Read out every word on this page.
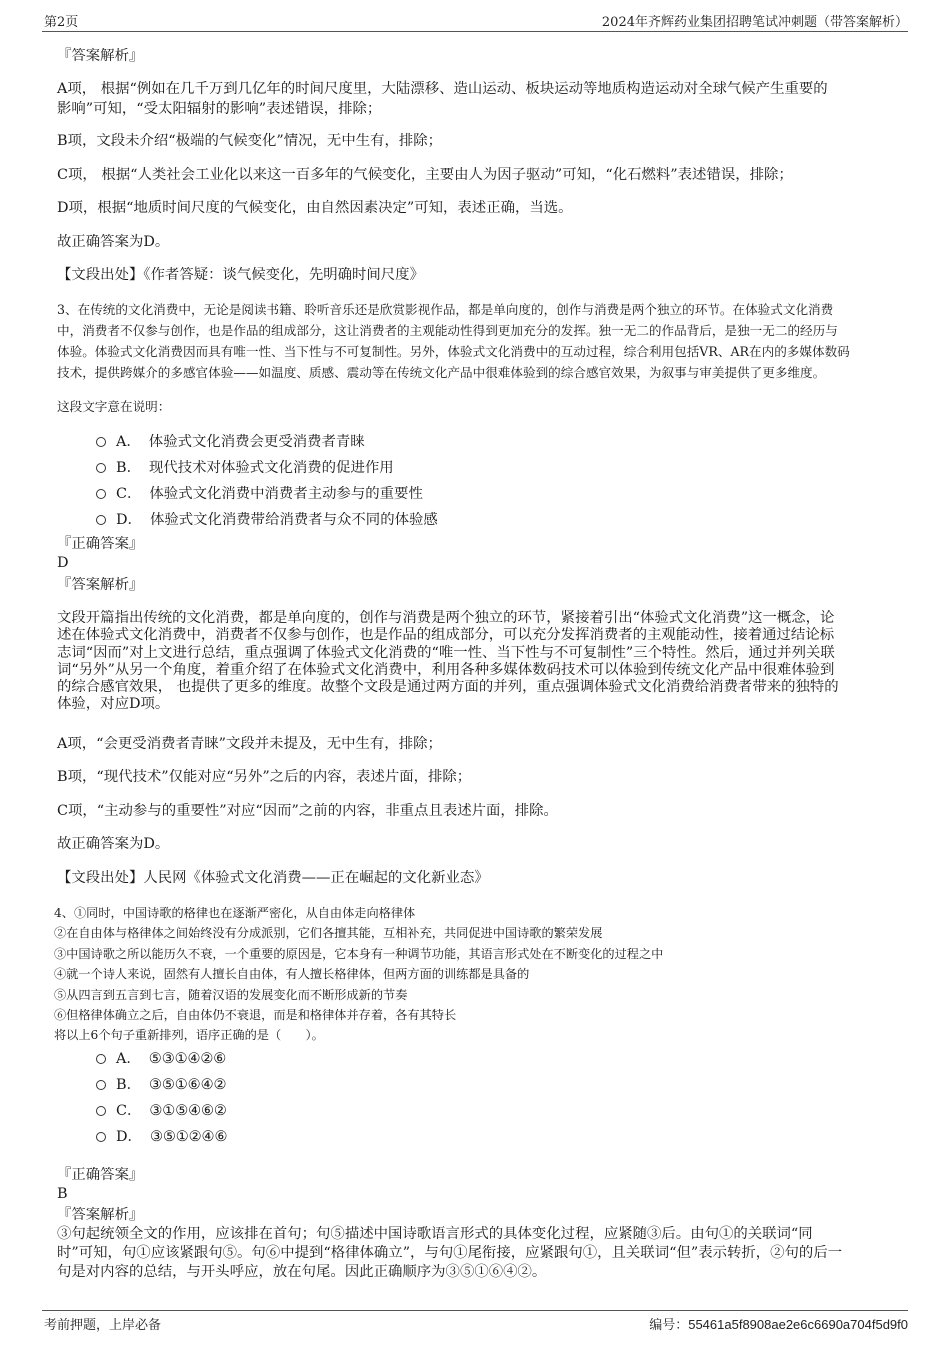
第2页	2024年齐辉药业集团招聘笔试冲刺题（带答案解析）
『答案解析』
A项， 根据“例如在几千万到几亿年的时间尺度里，大陆漂移、造山运动、板块运动等地质构造运动对全球气候产生重要的
影响”可知，“受太阳辐射的影响”表述错误，排除；
B项，文段未介绍“极端的气候变化”情况，无中生有，排除；
C项， 根据“人类社会工业化以来这一百多年的气候变化，主要由人为因子驱动”可知，“化石燃料”表述错误，排除；
D项，根据“地质时间尺度的气候变化，由自然因素决定”可知，表述正确，当选。
故正确答案为D。
【文段出处】《作者答疑：谈气候变化，先明确时间尺度》
3、在传统的文化消费中，无论是阅读书籍、聆听音乐还是欣赏影视作品，都是单向度的，创作与消费是两个独立的环节。在体验式文化消费
中，消费者不仅参与创作，也是作品的组成部分，这让消费者的主观能动性得到更加充分的发挥。独一无二的作品背后，是独一无二的经历与
体验。体验式文化消费因而具有唯一性、当下性与不可复制性。另外，体验式文化消费中的互动过程，综合利用包括VR、AR在内的多媒体数码
技术，提供跨媒介的多感官体验——如温度、质感、震动等在传统文化产品中很难体验到的综合感官效果，为叙事与审美提供了更多维度。
这段文字意在说明：
A． 体验式文化消费会更受消费者青睐
B． 现代技术对体验式文化消费的促进作用
C． 体验式文化消费中消费者主动参与的重要性
D． 体验式文化消费带给消费者与众不同的体验感
『正确答案』
D
『答案解析』
文段开篇指出传统的文化消费，都是单向度的，创作与消费是两个独立的环节，紧接着引出“体验式文化消费”这一概念，论
述在体验式文化消费中，消费者不仅参与创作，也是作品的组成部分，可以充分发挥消费者的主观能动性，接着通过结论标
志词“因而”对上文进行总结，重点强调了体验式文化消费的“唯一性、当下性与不可复制性”三个特性。然后，通过并列关联
词“另外”从另一个角度，着重介绍了在体验式文化消费中，利用各种多媒体数码技术可以体验到传统文化产品中很难体验到
的综合感官效果， 也提供了更多的维度。故整个文段是通过两方面的并列，重点强调体验式文化消费给消费者带来的独特的
体验，对应D项。
A项，“会更受消费者青睐”文段并未提及，无中生有，排除；
B项，“现代技术”仅能对应“另外”之后的内容，表述片面，排除；
C项，“主动参与的重要性”对应“因而”之前的内容，非重点且表述片面，排除。
故正确答案为D。
【文段出处】人民网《体验式文化消费——正在崛起的文化新业态》
4、①同时，中国诗歌的格律也在逐渐严密化，从自由体走向格律体
②在自由体与格律体之间始终没有分成派别，它们各擅其能，互相补充，共同促进中国诗歌的繁荣发展
③中国诗歌之所以能历久不衰，一个重要的原因是，它本身有一种调节功能，其语言形式处在不断变化的过程之中
④就一个诗人来说，固然有人擅长自由体，有人擅长格律体，但两方面的训练都是具备的
⑤从四言到五言到七言，随着汉语的发展变化而不断形成新的节奏
⑥但格律体确立之后，自由体仍不衰退，而是和格律体并存着，各有其特长
将以上6个句子重新排列，语序正确的是（　　）。
A． ⑤③①④②⑥
B． ③⑤①⑥④②
C． ③①⑤④⑥②
D． ③⑤①②④⑥
『正确答案』
B
『答案解析』
③句起统领全文的作用，应该排在首句；句⑤描述中国诗歌语言形式的具体变化过程，应紧随③后。由句①的关联词“同
时”可知，句①应该紧跟句⑤。句⑥中提到“格律体确立”，与句①尾衔接，应紧跟句①，且关联词“但”表示转折，②句的后一
句是对内容的总结，与开头呼应，放在句尾。因此正确顺序为③⑤①⑥④②。
考前押题，上岸必备	编号：55461a5f8908ae2e6c6690a704f5d9f0
